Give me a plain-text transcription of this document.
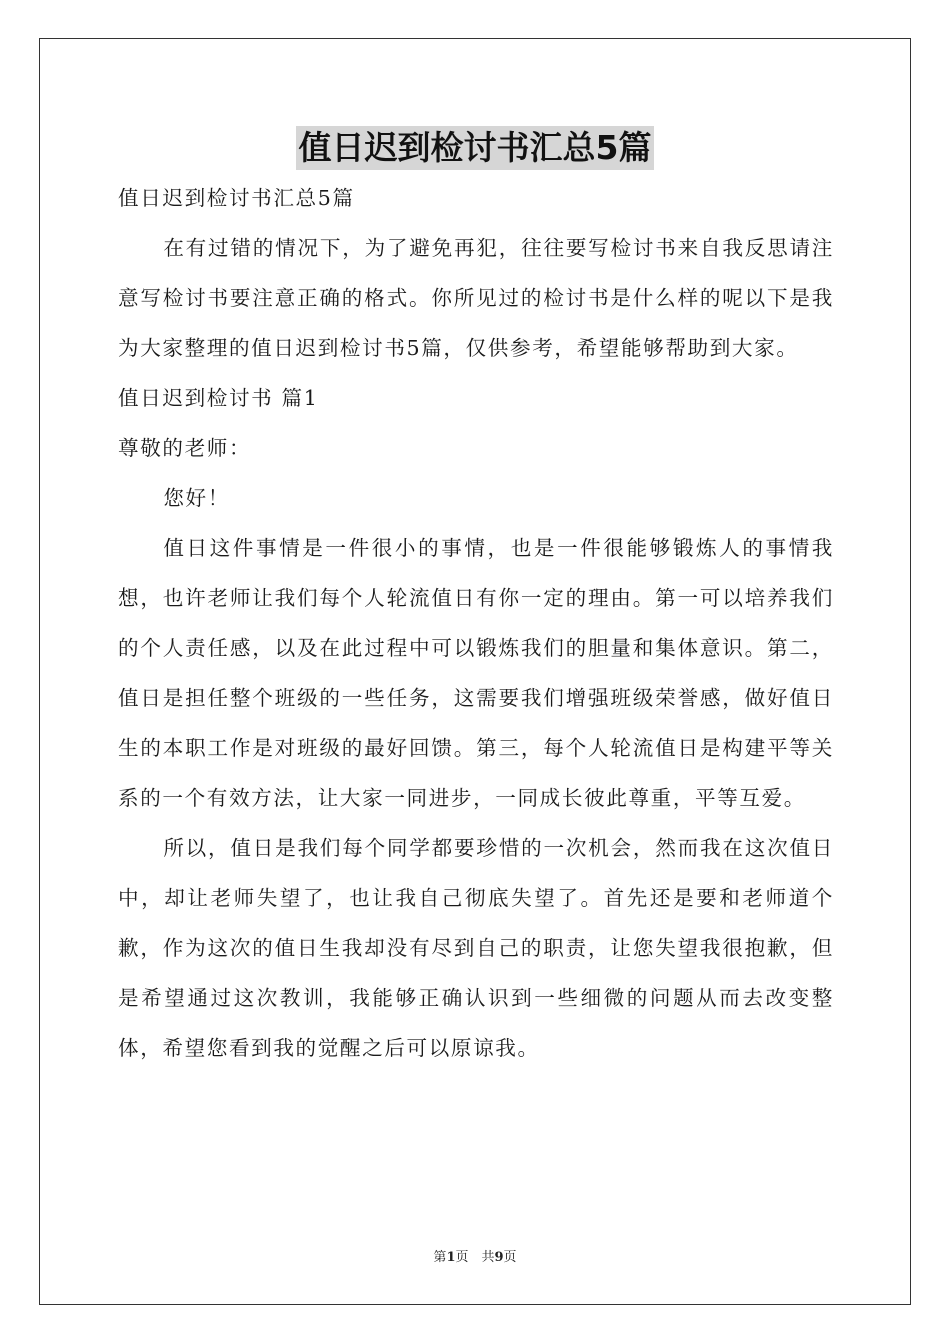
值日迟到检讨书汇总5篇

值日迟到检讨书汇总5篇

在有过错的情况下，为了避免再犯，往往要写检讨书来自我反思请注意写检讨书要注意正确的格式。你所见过的检讨书是什么样的呢以下是我为大家整理的值日迟到检讨书5篇，仅供参考，希望能够帮助到大家。

值日迟到检讨书 篇1

尊敬的老师：

您好！

值日这件事情是一件很小的事情，也是一件很能够锻炼人的事情我想，也许老师让我们每个人轮流值日有你一定的理由。第一可以培养我们的个人责任感，以及在此过程中可以锻炼我们的胆量和集体意识。第二，值日是担任整个班级的一些任务，这需要我们增强班级荣誉感，做好值日生的本职工作是对班级的最好回馈。第三，每个人轮流值日是构建平等关系的一个有效方法，让大家一同进步，一同成长彼此尊重，平等互爱。

所以，值日是我们每个同学都要珍惜的一次机会，然而我在这次值日中，却让老师失望了，也让我自己彻底失望了。首先还是要和老师道个歉，作为这次的值日生我却没有尽到自己的职责，让您失望我很抱歉，但是希望通过这次教训，我能够正确认识到一些细微的问题从而去改变整体，希望您看到我的觉醒之后可以原谅我。

第1页　共9页
